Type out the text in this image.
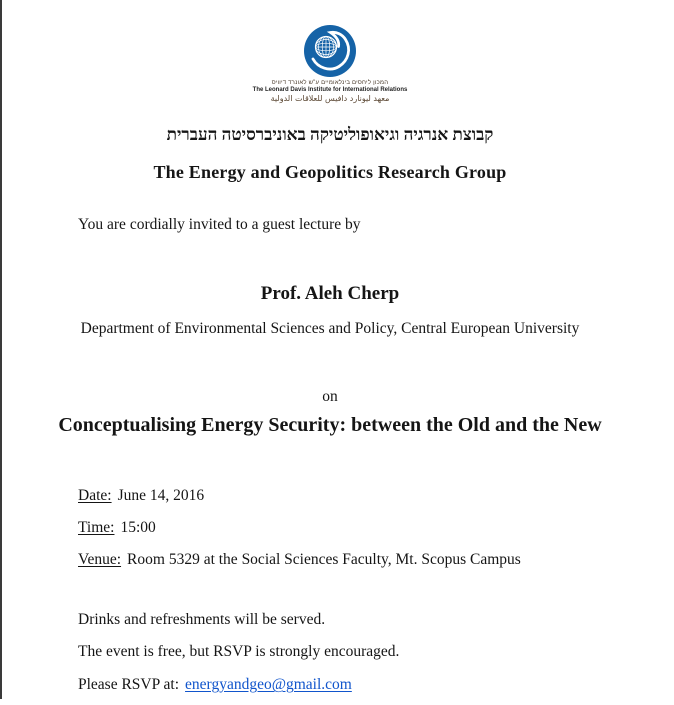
המכון ליחסים בינלאומיים ע"ש לאונרד דיוויס
The Leonard Davis Institute for International Relations
معهد ليونارد دافيس للعلاقات الدولية
קבוצת אנרגיה וגיאופוליטיקה באוניברסיטה העברית
The Energy and Geopolitics Research Group
You are cordially invited to a guest lecture by
Prof. Aleh Cherp
Department of Environmental Sciences and Policy, Central European University
on
Conceptualising Energy Security: between the Old and the New
Date: June 14, 2016
Time: 15:00
Venue: Room 5329 at the Social Sciences Faculty, Mt. Scopus Campus
Drinks and refreshments will be served.
The event is free, but RSVP is strongly encouraged.
Please RSVP at: energyandgeo@gmail.com
